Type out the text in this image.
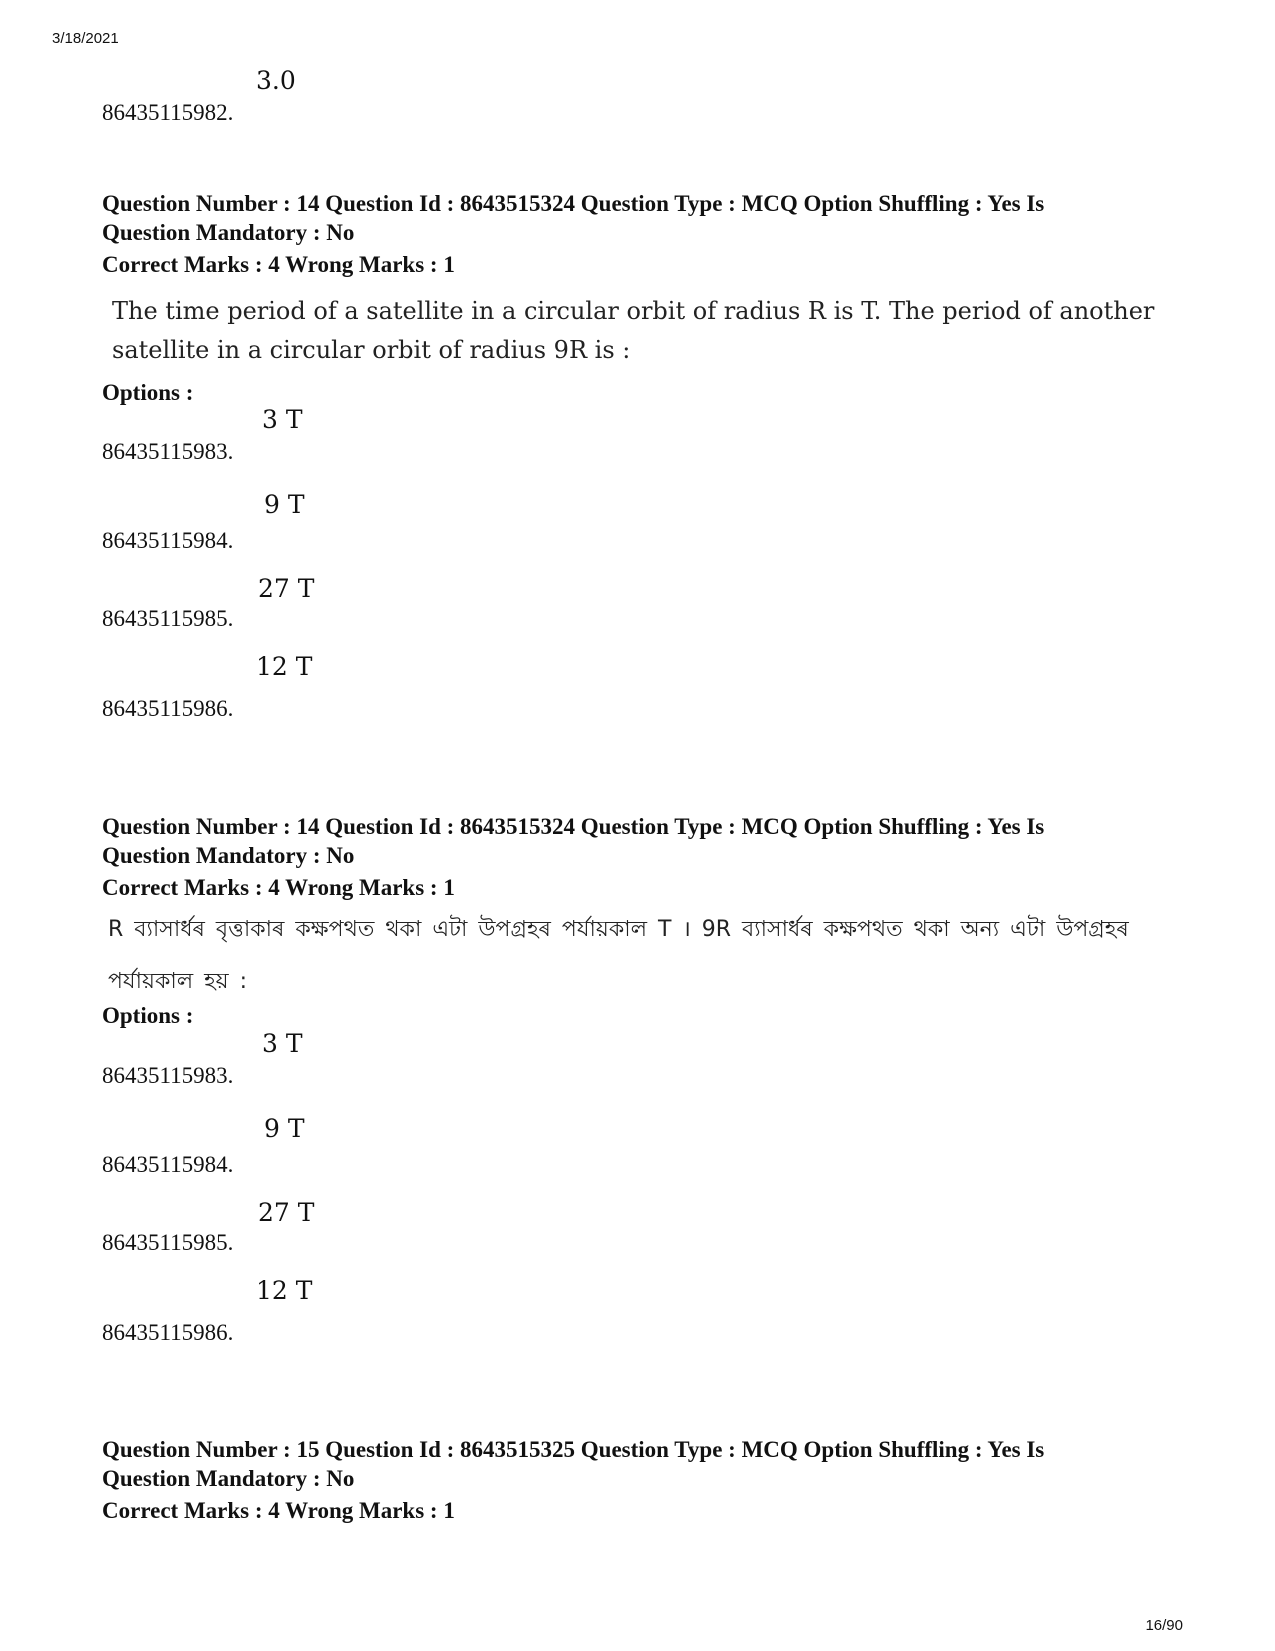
3/18/2021
86435115982.
3.0
Question Number : 14 Question Id : 8643515324 Question Type : MCQ Option Shuffling : Yes Is
Question Mandatory : No
Correct Marks : 4 Wrong Marks : 1
The time period of a satellite in a circular orbit of radius R is T. The period of another satellite in a circular orbit of radius 9R is :
Options :
86435115983.
3 T
86435115984.
9 T
86435115985.
27 T
86435115986.
12 T
Question Number : 14 Question Id : 8643515324 Question Type : MCQ Option Shuffling : Yes Is
Question Mandatory : No
Correct Marks : 4 Wrong Marks : 1
R ব্যাসাৰ্ধৰ বৃত্তাকাৰ কক্ষপথত থকা এটা উপগ্ৰহৰ পৰ্যায়কাল T । 9R ব্যাসাৰ্ধৰ কক্ষপথত থকা অন্য এটা উপগ্ৰহৰ পৰ্যায়কাল হয় :
Options :
86435115983.
3 T
86435115984.
9 T
86435115985.
27 T
86435115986.
12 T
Question Number : 15 Question Id : 8643515325 Question Type : MCQ Option Shuffling : Yes Is
Question Mandatory : No
Correct Marks : 4 Wrong Marks : 1
16/90
